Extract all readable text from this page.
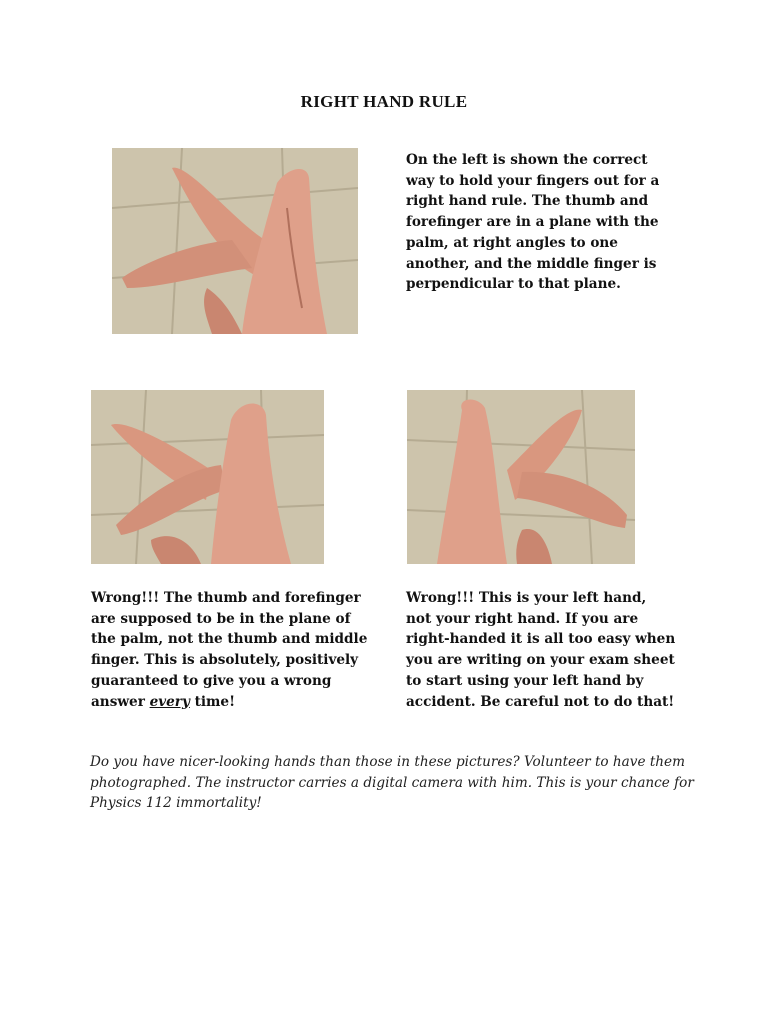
RIGHT HAND RULE
On the left is shown the correct way to hold your fingers out for a right hand rule. The thumb and forefinger are in a plane with the palm, at right angles to one another, and the middle finger is perpendicular to that plane.
Wrong!!! The thumb and forefinger are supposed to be in the plane of the palm, not the thumb and middle finger. This is absolutely, positively guaranteed to give you a wrong answer every time!
Wrong!!! This is your left hand, not your right hand. If you are right-handed it is all too easy when you are writing on your exam sheet to start using your left hand by accident. Be careful not to do that!
Do you have nicer-looking hands than those in these pictures? Volunteer to have them photographed. The instructor carries a digital camera with him. This is your chance for Physics 112 immortality!
